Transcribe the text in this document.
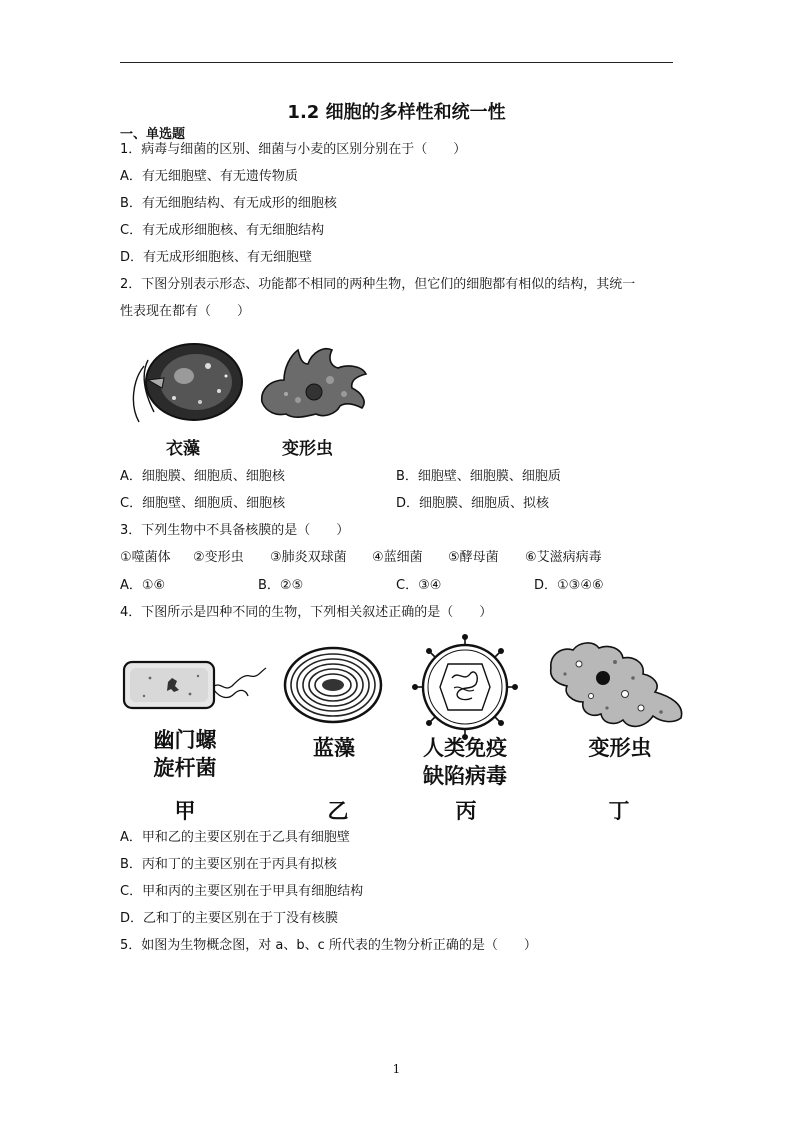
1.2 细胞的多样性和统一性
一、单选题
1．病毒与细菌的区别、细菌与小麦的区别分别在于（　　）
A．有无细胞壁、有无遗传物质
B．有无细胞结构、有无成形的细胞核
C．有无成形细胞核、有无细胞结构
D．有无成形细胞核、有无细胞壁
2．下图分别表示形态、功能都不相同的两种生物，但它们的细胞都有相似的结构，其统一
性表现在都有（　　）
衣藻	变形虫
A．细胞膜、细胞质、细胞核	B．细胞壁、细胞膜、细胞质
C．细胞壁、细胞质、细胞核	D．细胞膜、细胞质、拟核
3．下列生物中不具备核膜的是（　　）
①噬菌体 ②变形虫 ③肺炎双球菌 ④蓝细菌 ⑤酵母菌 ⑥艾滋病病毒
A．①⑥	B．②⑤	C．③④	D．①③④⑥
4．下图所示是四种不同的生物，下列相关叙述正确的是（　　）
幽门螺
旋杆菌
蓝藻	人类免疫
缺陷病毒
变形虫
甲	乙	丙	丁
A．甲和乙的主要区别在于乙具有细胞壁
B．丙和丁的主要区别在于丙具有拟核
C．甲和丙的主要区别在于甲具有细胞结构
D．乙和丁的主要区别在于丁没有核膜
5．如图为生物概念图，对 a、b、c 所代表的生物分析正确的是（　　）
1
